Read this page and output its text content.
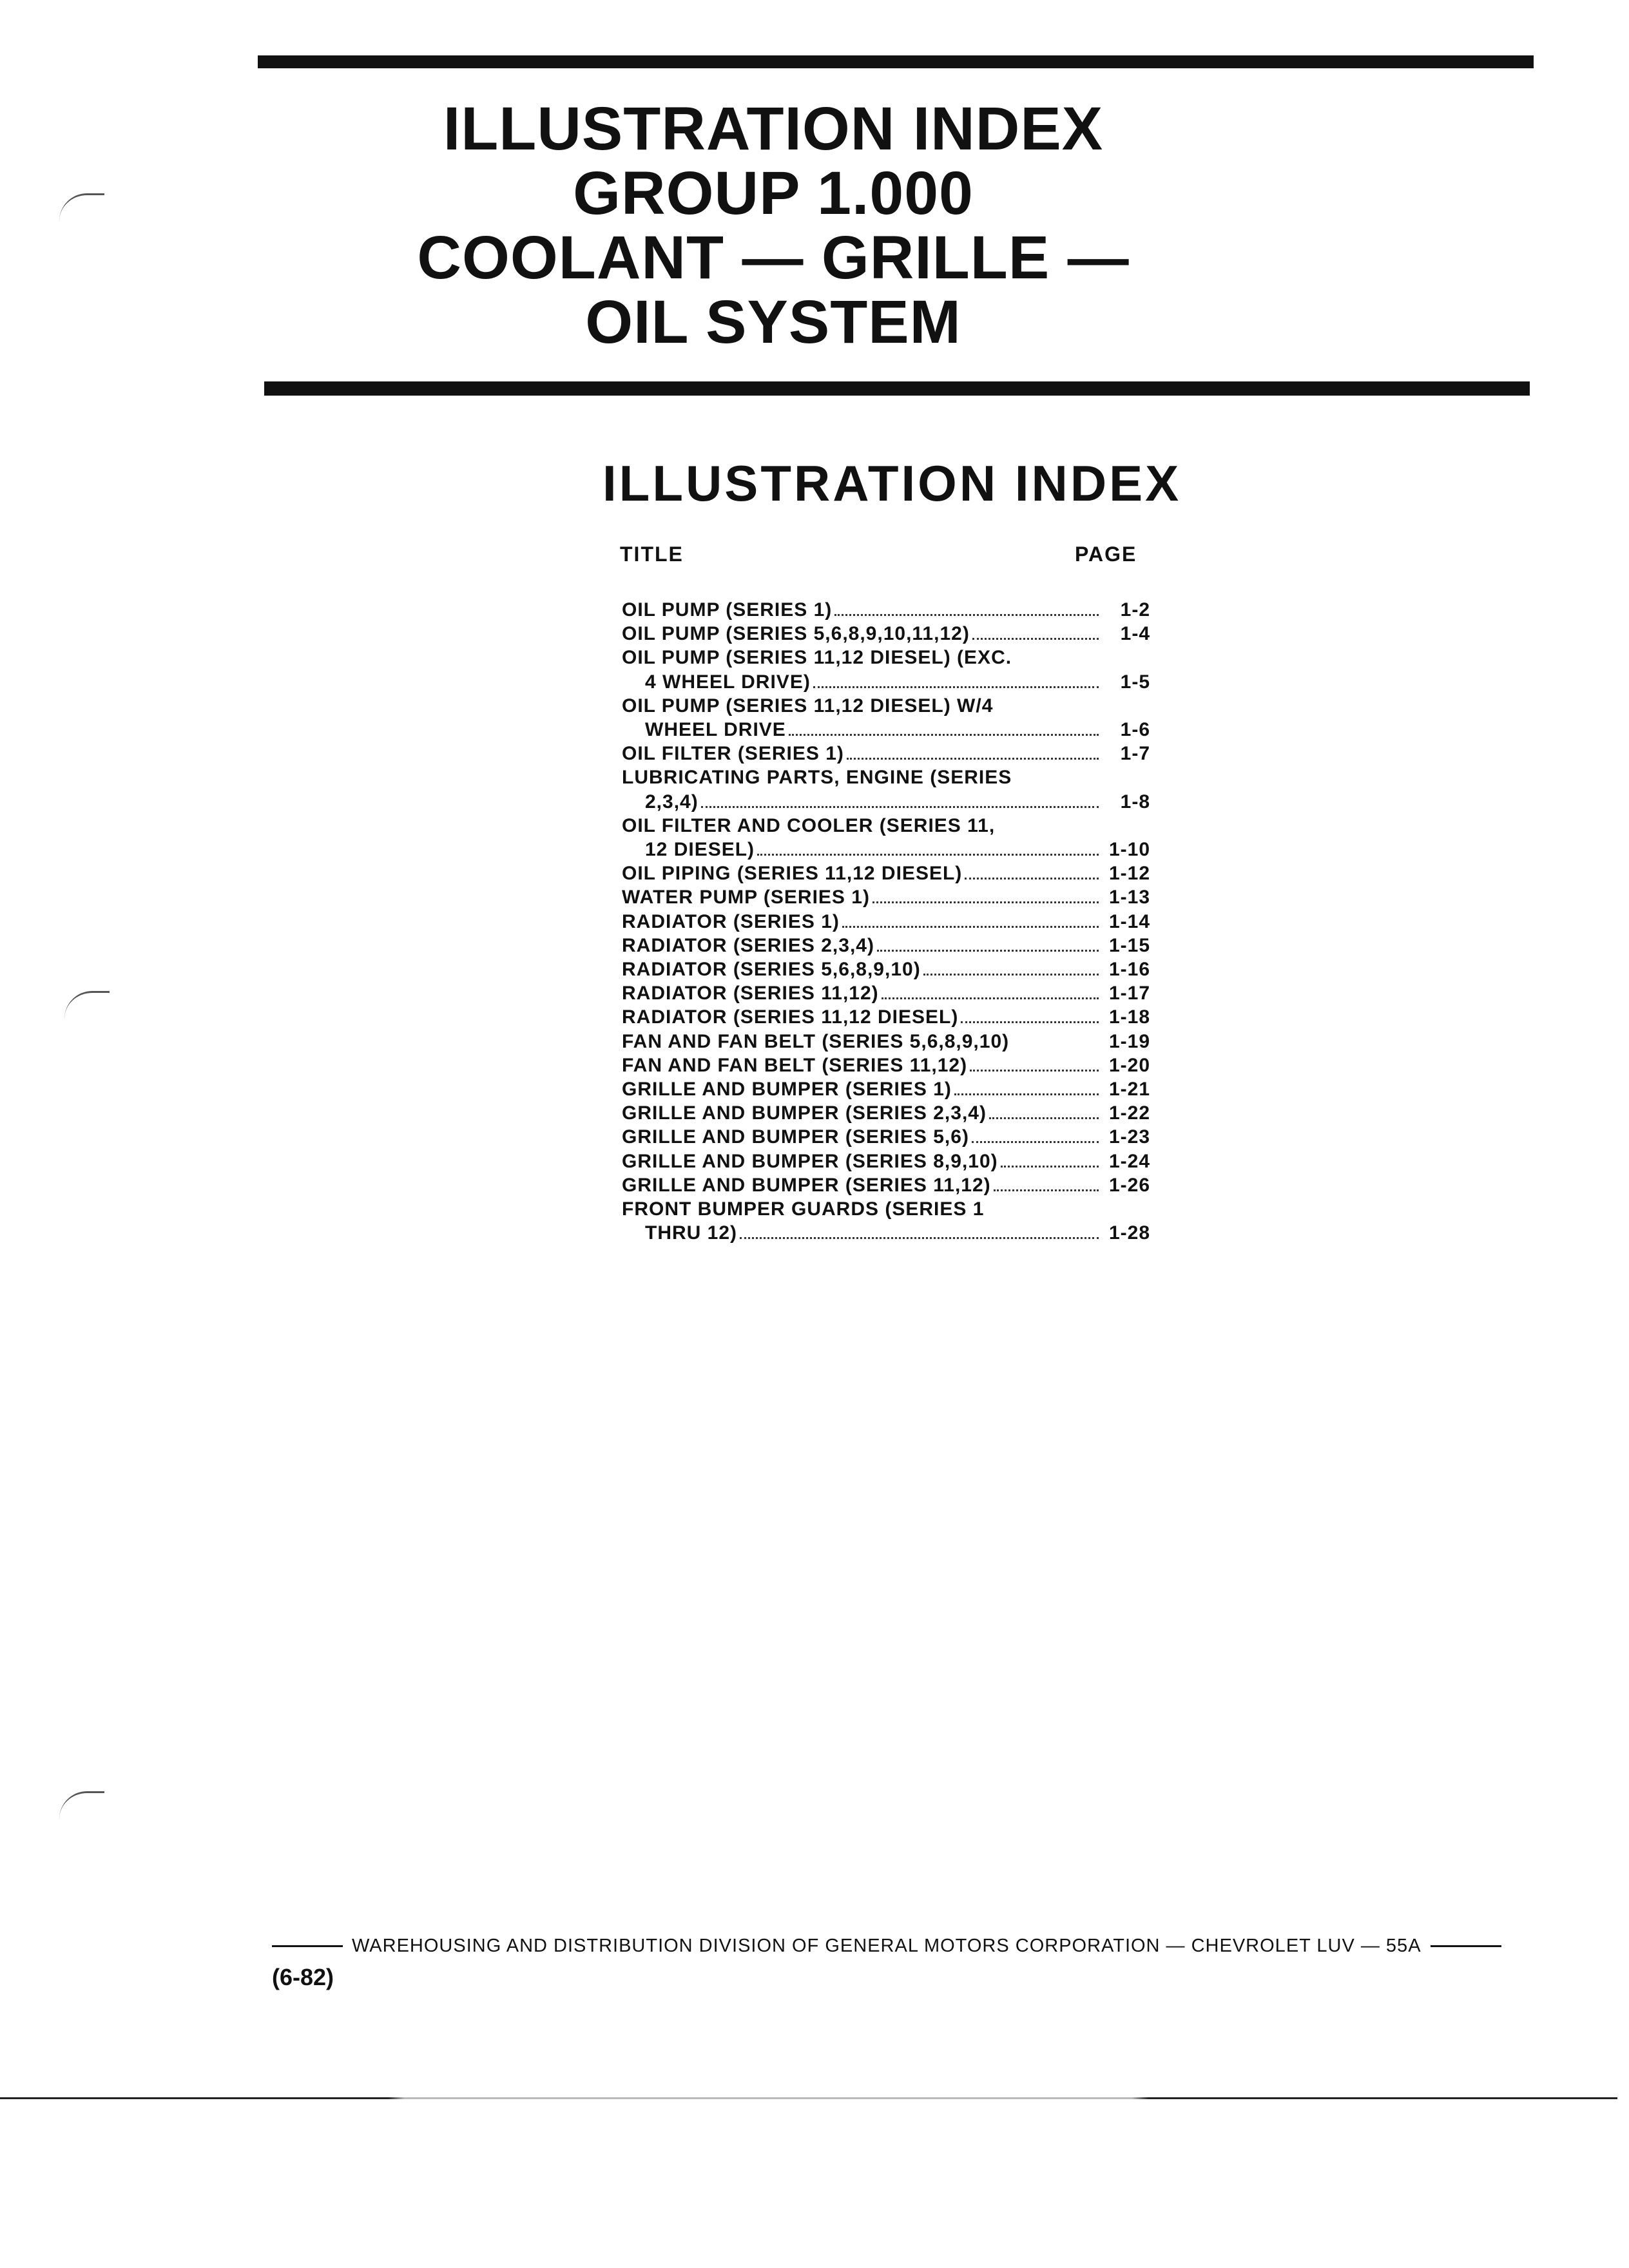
ILLUSTRATION INDEX
GROUP 1.000
COOLANT — GRILLE —
OIL SYSTEM
ILLUSTRATION INDEX
TITLE	PAGE
OIL PUMP (SERIES 1)	1-2
OIL PUMP (SERIES 5,6,8,9,10,11,12)	1-4
OIL PUMP (SERIES 11,12 DIESEL) (EXC.
4 WHEEL DRIVE)	1-5
OIL PUMP (SERIES 11,12 DIESEL) W/4
WHEEL DRIVE	1-6
OIL FILTER (SERIES 1)	1-7
LUBRICATING PARTS, ENGINE (SERIES
2,3,4)	1-8
OIL FILTER AND COOLER (SERIES 11,
12 DIESEL)	1-10
OIL PIPING (SERIES 11,12 DIESEL)	1-12
WATER PUMP (SERIES 1)	1-13
RADIATOR (SERIES 1)	1-14
RADIATOR (SERIES 2,3,4)	1-15
RADIATOR (SERIES 5,6,8,9,10)	1-16
RADIATOR (SERIES 11,12)	1-17
RADIATOR (SERIES 11,12 DIESEL)	1-18
FAN AND FAN BELT (SERIES 5,6,8,9,10)	1-19
FAN AND FAN BELT (SERIES 11,12)	1-20
GRILLE AND BUMPER (SERIES 1)	1-21
GRILLE AND BUMPER (SERIES 2,3,4)	1-22
GRILLE AND BUMPER (SERIES 5,6)	1-23
GRILLE AND BUMPER (SERIES 8,9,10)	1-24
GRILLE AND BUMPER (SERIES 11,12)	1-26
FRONT BUMPER GUARDS (SERIES 1
THRU 12)	1-28
WAREHOUSING AND DISTRIBUTION DIVISION OF GENERAL MOTORS CORPORATION — CHEVROLET LUV — 55A
(6-82)
